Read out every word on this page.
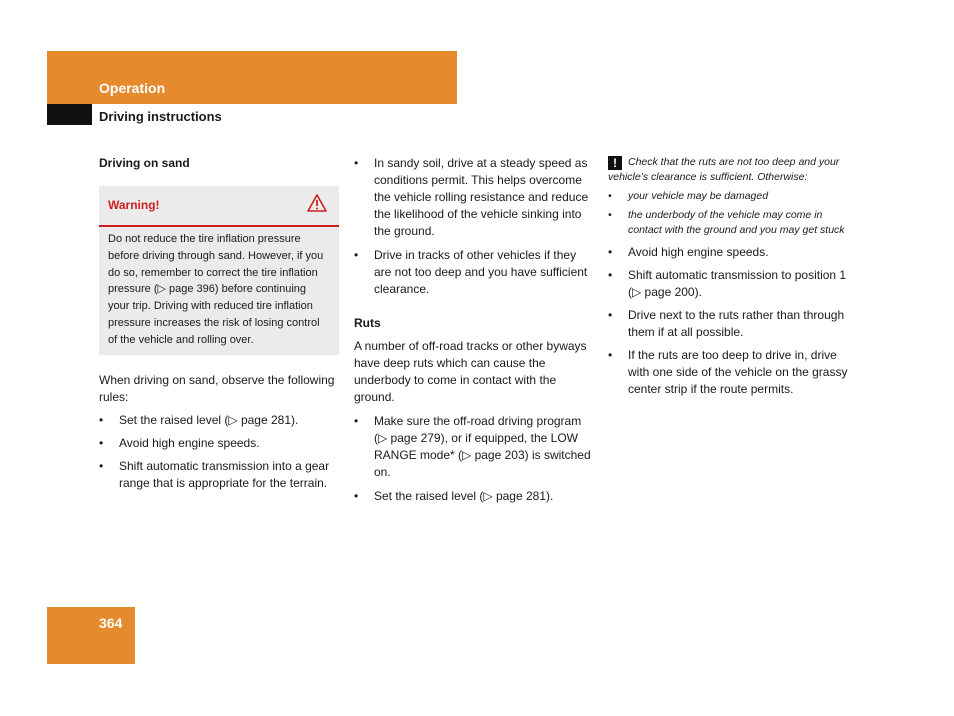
Operation
Driving instructions
Driving on sand
Warning!
Do not reduce the tire inflation pressure before driving through sand. However, if you do so, remember to correct the tire inflation pressure (▷ page 396) before continuing your trip. Driving with reduced tire inflation pressure increases the risk of losing control of the vehicle and rolling over.

When driving on sand, observe the following rules:

• Set the raised level (▷ page 281).
• Avoid high engine speeds.
• Shift automatic transmission into a gear range that is appropriate for the terrain.
• In sandy soil, drive at a steady speed as conditions permit. This helps overcome the vehicle rolling resistance and reduce the likelihood of the vehicle sinking into the ground.
• Drive in tracks of other vehicles if they are not too deep and you have sufficient clearance.
Ruts

A number of off-road tracks or other byways have deep ruts which can cause the underbody to come in contact with the ground.

• Make sure the off-road driving program (▷ page 279), or if equipped, the LOW RANGE mode* (▷ page 203) is switched on.
• Set the raised level (▷ page 281).

! Check that the ruts are not too deep and your vehicle’s clearance is sufficient. Otherwise:

• your vehicle may be damaged
• the underbody of the vehicle may come in contact with the ground and you may get stuck
• Avoid high engine speeds.
• Shift automatic transmission to position 1 (▷ page 200).
• Drive next to the ruts rather than through them if at all possible.
• If the ruts are too deep to drive in, drive with one side of the vehicle on the grassy center strip if the route permits.
364
